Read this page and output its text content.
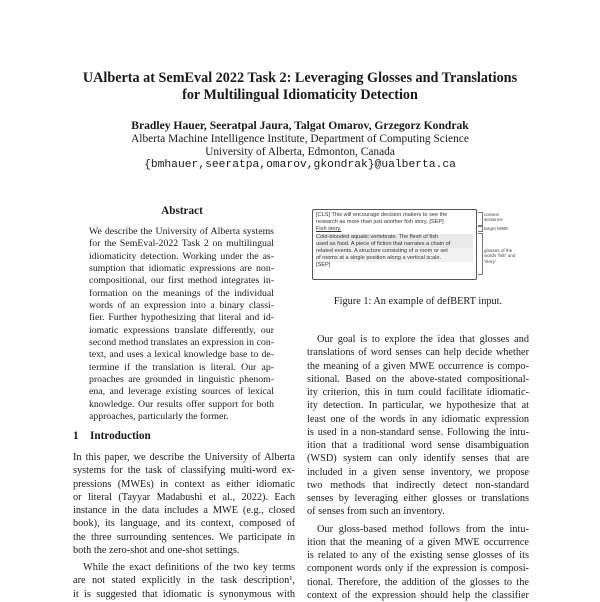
UAlberta at SemEval 2022 Task 2: Leveraging Glosses and Translations
for Multilingual Idiomaticity Detection
Bradley Hauer, Seeratpal Jaura, Talgat Omarov, Grzegorz Kondrak
Alberta Machine Intelligence Institute, Department of Computing Science
University of Alberta, Edmonton, Canada
{bmhauer,seeratpa,omarov,gkondrak}@ualberta.ca
Abstract
We describe the University of Alberta systems
for the SemEval-2022 Task 2 on multilingual
idiomaticity detection. Working under the as-
sumption that idiomatic expressions are non-
compositional, our first method integrates in-
formation on the meanings of the individual
words of an expression into a binary classi-
fier. Further hypothesizing that literal and id-
iomatic expressions translate differently, our
second method translates an expression in con-
text, and uses a lexical knowledge base to de-
termine if the translation is literal. Our ap-
proaches are grounded in linguistic phenom-
ena, and leverage existing sources of lexical
knowledge. Our results offer support for both
approaches, particularly the former.
1 Introduction
In this paper, we describe the University of Alberta
systems for the task of classifying multi-word ex-
pressions (MWEs) in context as either idiomatic
or literal (Tayyar Madabushi et al., 2022). Each
instance in the data includes a MWE (e.g., closed
book), its language, and its context, composed of
the three surrounding sentences. We participate in
both the zero-shot and one-shot settings.
While the exact definitions of the two key terms
are not stated explicitly in the task description¹,
it is suggested that idiomatic is synonymous with
[CLS] This will encourage decision makers to see the
research as more than just another fish story. [SEP]
Fish story.
Cold-blooded aquatic vertebrate. The flesh of fish
used as food. A piece of fiction that narrates a chain of
related events. A structure consisting of a room or set
of rooms at a single position along a vertical scale.
[SEP]
context
sentence
target MWE
glosses of the
words 'fish' and
'story'
Figure 1: An example of defBERT input.
Our goal is to explore the idea that glosses and
translations of word senses can help decide whether
the meaning of a given MWE occurrence is compo-
sitional. Based on the above-stated compositional-
ity criterion, this in turn could facilitate idiomatic-
ity detection. In particular, we hypothesize that at
least one of the words in any idiomatic expression
is used in a non-standard sense. Following the intu-
ition that a traditional word sense disambiguation
(WSD) system can only identify senses that are
included in a given sense inventory, we propose
two methods that indirectly detect non-standard
senses by leveraging either glosses or translations
of senses from such an inventory.
Our gloss-based method follows from the intu-
ition that the meaning of a given MWE occurrence
is related to any of the existing sense glosses of its
component words only if the expression is composi-
tional. Therefore, the addition of the glosses to the
context of the expression should help the classifier
